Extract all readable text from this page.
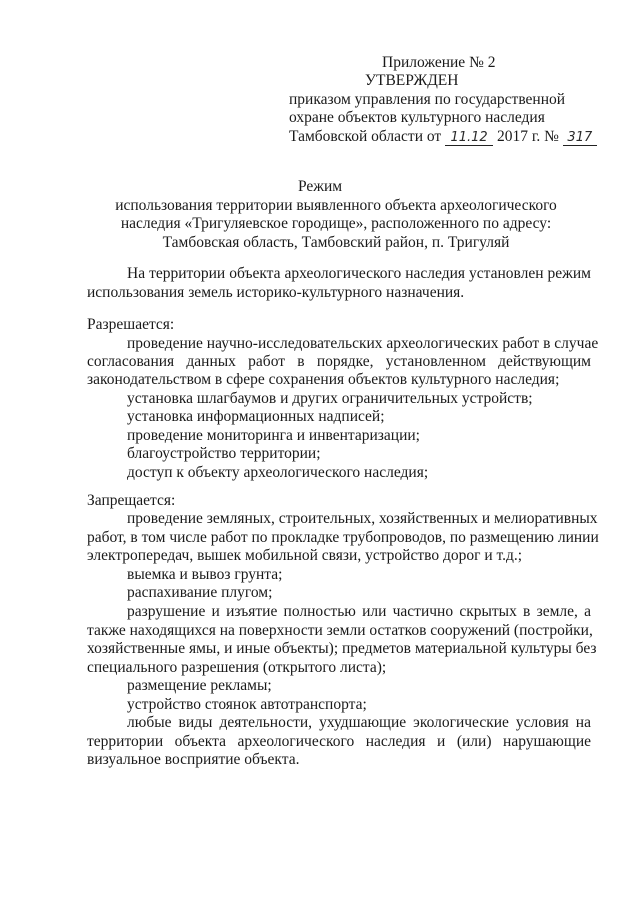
Приложение № 2
УТВЕРЖДЕН
приказом управления по государственной
охране объектов культурного наследия
Тамбовской области от 11.12 2017 г. № 317
Режим
использования территории выявленного объекта археологического
наследия «Тригуляевское городище», расположенного по адресу:
Тамбовская область, Тамбовский район, п. Тригуляй
На территории объекта археологического наследия установлен режим
использования земель историко-культурного назначения.
Разрешается:
проведение научно-исследовательских археологических работ в случае
согласования данных работ в порядке, установленном действующим
законодательством в сфере сохранения объектов культурного наследия;
установка шлагбаумов и других ограничительных устройств;
установка информационных надписей;
проведение мониторинга и инвентаризации;
благоустройство территории;
доступ к объекту археологического наследия;
Запрещается:
проведение земляных, строительных, хозяйственных и мелиоративных
работ, в том числе работ по прокладке трубопроводов, по размещению линии
электропередач, вышек мобильной связи, устройство дорог и т.д.;
выемка и вывоз грунта;
распахивание плугом;
разрушение и изъятие полностью или частично скрытых в земле, а
также находящихся на поверхности земли остатков сооружений (постройки,
хозяйственные ямы, и иные объекты); предметов материальной культуры без
специального разрешения (открытого листа);
размещение рекламы;
устройство стоянок автотранспорта;
любые виды деятельности, ухудшающие экологические условия на
территории объекта археологического наследия и (или) нарушающие
визуальное восприятие объекта.
